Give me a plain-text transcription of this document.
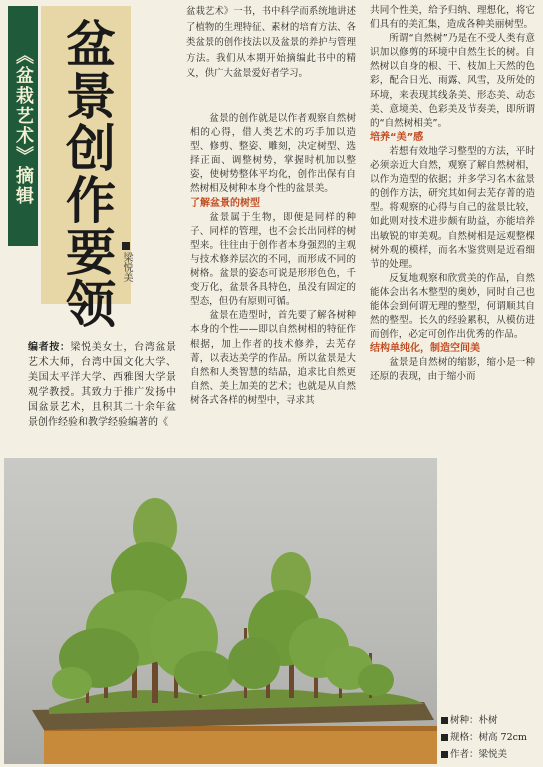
《盆栽艺术》摘辑 盆景创作要领 梁悦美
编者按：梁悦美女士，台湾盆景艺术大师，台湾中国文化大学、美国太平洋大学、西雅图大学景观学教授。其致力于推广发扬中国盆景艺术，且积其二十余年盆景创作经验和教学经验编著的《
盆栽艺术》一书，书中科学而系统地讲述了植物的生理特征、素材的培育方法、各类盆景的创作技法以及盆景的养护与管理方法。我们从本期开始摘编此书中的精义，供广大盆景爱好者学习。

盆景的创作就是以作者观察自然树相的心得，借人类艺术的巧手加以造型、修剪、整姿、雕刻，决定树型、选择正面、调整树势，掌握时机加以整姿，使树势整体平均化，创作出保有自然树相及树种本身个性的盆景美。

了解盆景的树型

盆景属于生物，即便是同样的种子、同样的管理，也不会长出同样的树型来。往往由于创作者本身强烈的主观与技术修养层次的不同，而形成不同的树格。盆景的姿态可说是形形色色，千变万化，盆景各具特色，虽没有固定的型态，但仍有原则可循。

盆景在造型时，首先要了解各树种本身的个性——即以自然树相的特征作根据，加上作者的技术修养，去芜存菁，以表达美学的作品。所以盆景是大自然和人类智慧的结晶，追求比自然更自然、美上加美的艺术；也就是从自然树各式各样的树型中，寻求其

共同个性美，给予归纳、理想化，将它们具有的美汇集，造成各种美丽树型。

所谓“自然树”乃是在不受人类有意识加以修剪的环境中自然生长的树。自然树以自身的根、干、枝加上天然的色彩，配合日光、雨露、风雪，及所处的环境，来表现其线条美、形态美、动态美、意境美、色彩美及节奏美，即所谓的“自然树相美”。

培养“美”感

若想有效地学习整型的方法，平时必须亲近大自然，观察了解自然树相，以作为造型的依据；并多学习名木盆景的创作方法，研究其如何去芜存菁的造型。将观察的心得与自己的盆景比较，如此则对技术进步颇有助益，亦能培养出敏锐的审美观。自然树相是远观整棵树外观的模样，而名木鉴赏则是近看细节的处理。

反复地观察和欣赏美的作品，自然能体会出名木整型的奥妙，同时自己也能体会到何谓无理的整型，何谓顺其自然的整型。长久的经验累积，从模仿进而创作，必定可创作出优秀的作品。

结构单纯化，制造空间美

盆景是自然树的缩影，缩小是一种还原的表现，由于缩小而

树种：朴树
规格：树高 72cm
作者：梁悦美
